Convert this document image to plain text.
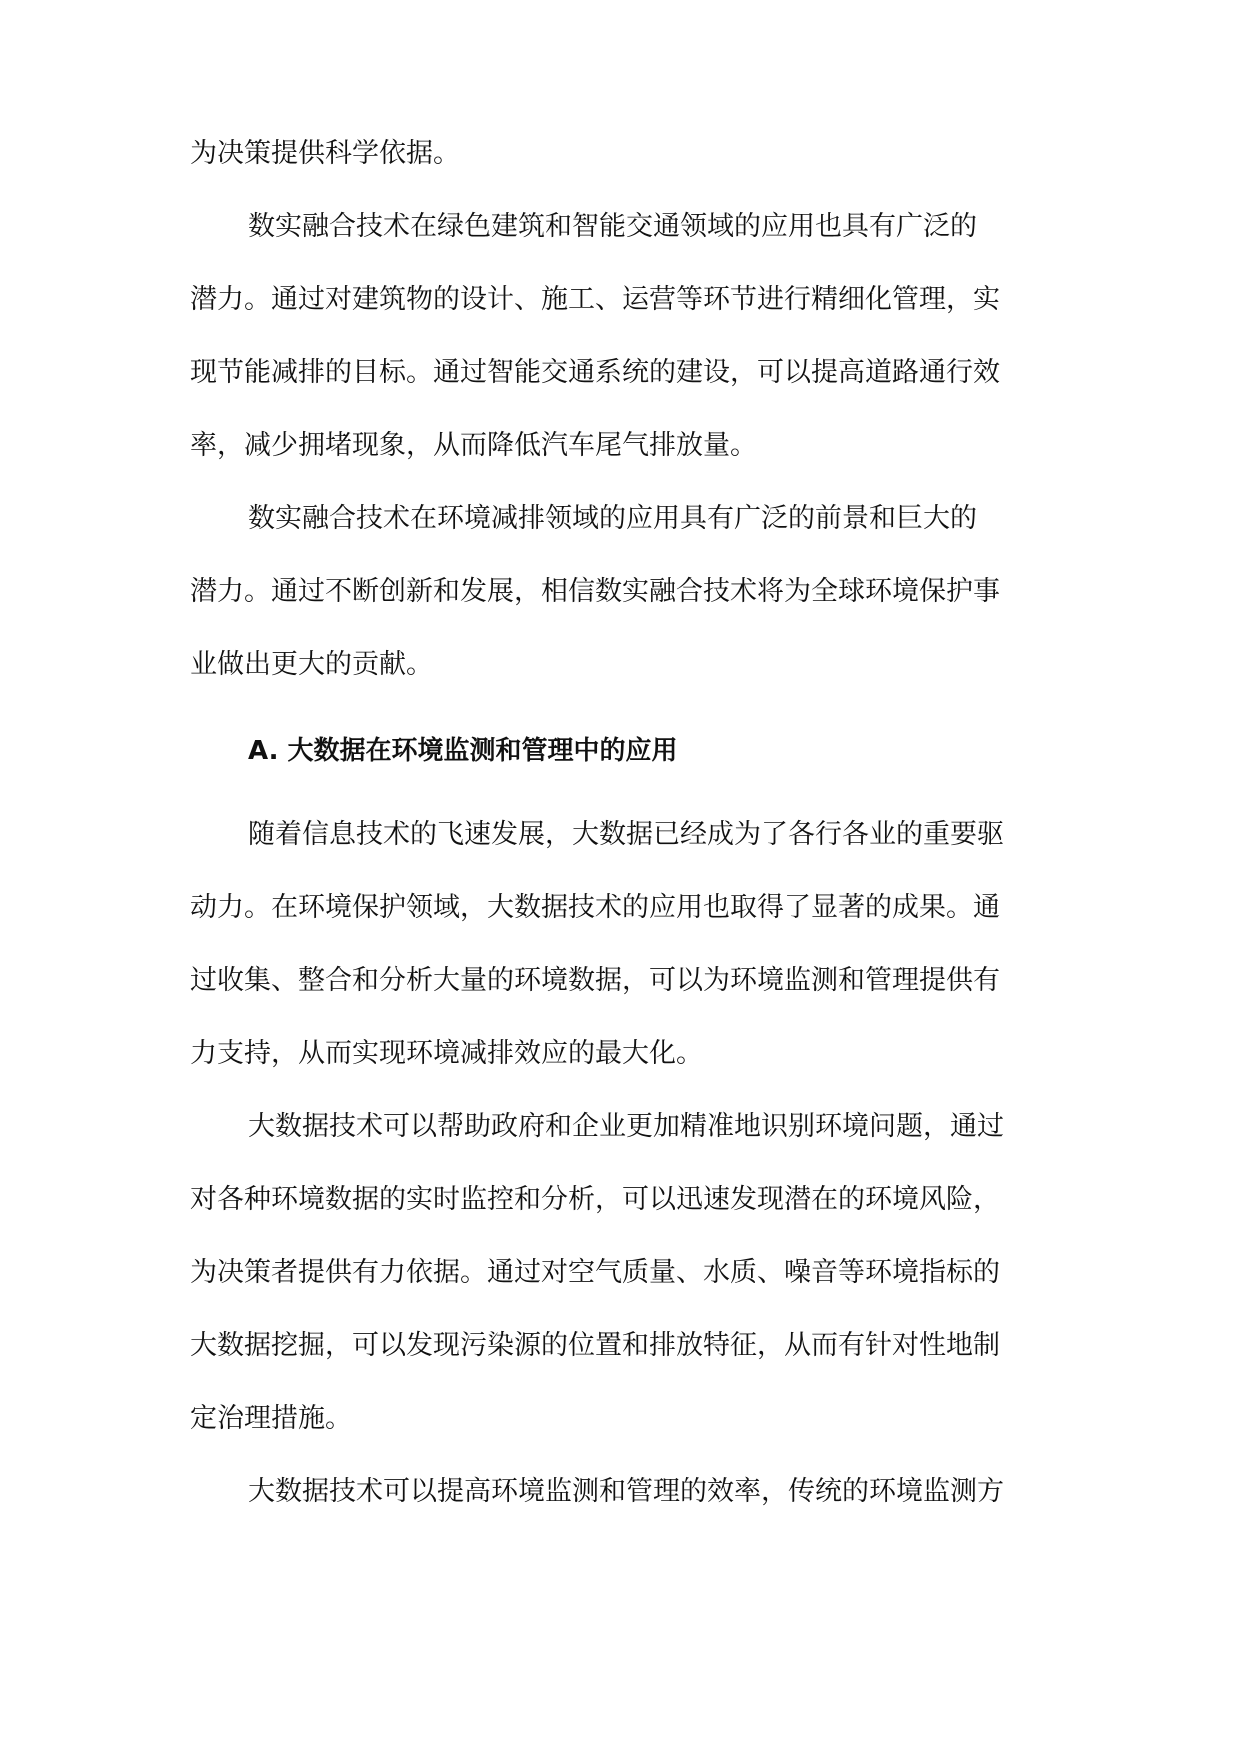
为决策提供科学依据。
数实融合技术在绿色建筑和智能交通领域的应用也具有广泛的
潜力。通过对建筑物的设计、施工、运营等环节进行精细化管理，实
现节能减排的目标。通过智能交通系统的建设，可以提高道路通行效
率，减少拥堵现象，从而降低汽车尾气排放量。
数实融合技术在环境减排领域的应用具有广泛的前景和巨大的
潜力。通过不断创新和发展，相信数实融合技术将为全球环境保护事
业做出更大的贡献。
A. 大数据在环境监测和管理中的应用
随着信息技术的飞速发展，大数据已经成为了各行各业的重要驱
动力。在环境保护领域，大数据技术的应用也取得了显著的成果。通
过收集、整合和分析大量的环境数据，可以为环境监测和管理提供有
力支持，从而实现环境减排效应的最大化。
大数据技术可以帮助政府和企业更加精准地识别环境问题，通过
对各种环境数据的实时监控和分析，可以迅速发现潜在的环境风险，
为决策者提供有力依据。通过对空气质量、水质、噪音等环境指标的
大数据挖掘，可以发现污染源的位置和排放特征，从而有针对性地制
定治理措施。
大数据技术可以提高环境监测和管理的效率，传统的环境监测方
